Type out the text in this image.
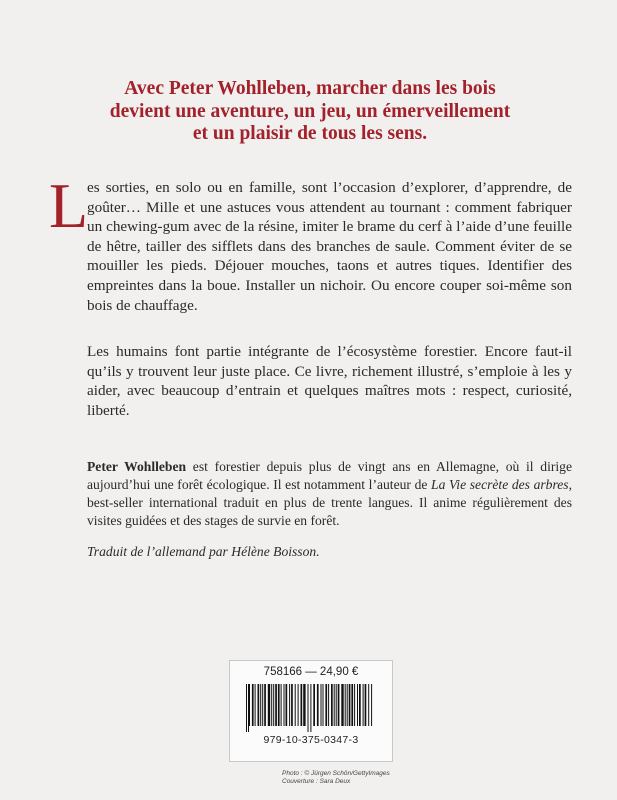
Avec Peter Wohlleben, marcher dans les bois
devient une aventure, un jeu, un émerveillement
et un plaisir de tous les sens.
L
es sorties, en solo ou en famille, sont l’occasion d’explorer, d’apprendre, de goûter… Mille et une astuces vous attendent au tournant : comment fabriquer un chewing-gum avec de la résine, imiter le brame du cerf à l’aide d’une feuille de hêtre, tailler des sifflets dans des branches de saule. Comment éviter de se mouiller les pieds. Déjouer mouches, taons et autres tiques. Identifier des empreintes dans la boue. Installer un nichoir. Ou encore couper soi-même son bois de chauffage.
Les humains font partie intégrante de l’écosystème forestier. Encore faut-il qu’ils y trouvent leur juste place. Ce livre, richement illustré, s’emploie à les y aider, avec beaucoup d’entrain et quelques maîtres mots : respect, curiosité, liberté.
Peter Wohlleben est forestier depuis plus de vingt ans en Allemagne, où il dirige aujourd’hui une forêt écologique. Il est notamment l’auteur de La Vie secrète des arbres, best-seller international traduit en plus de trente langues. Il anime régulièrement des visites guidées et des stages de survie en forêt.
Traduit de l’allemand par Hélène Boisson.
758166 — 24,90 €
979-10-375-0347-3
Photo : © Jürgen Schön/GettyImages
Couverture : Sara Deux
